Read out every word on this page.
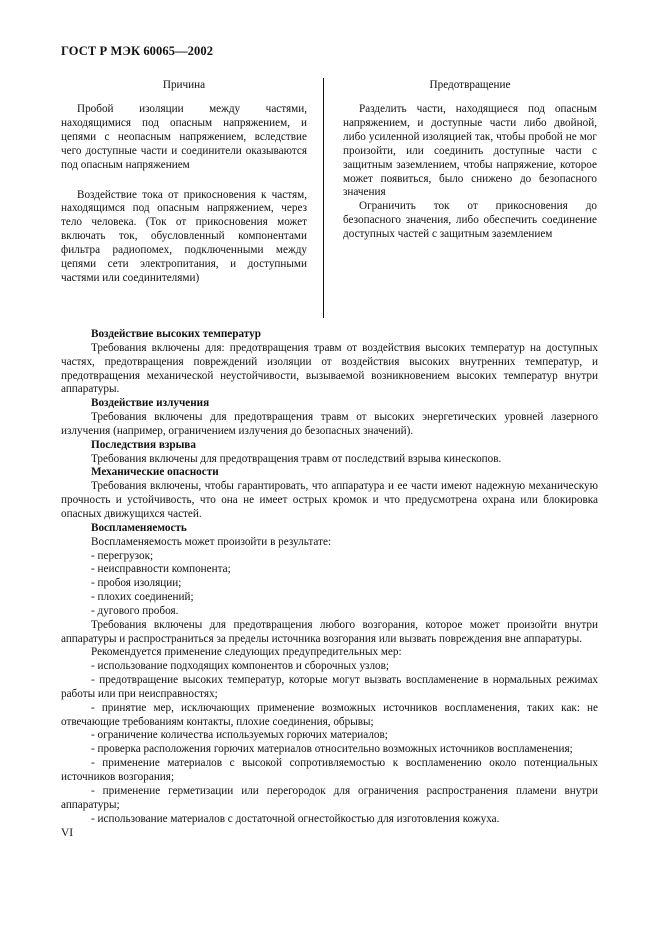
ГОСТ Р МЭК 60065—2002
Причина	Предотвращение

Пробой изоляции между частями, находящимися под опасным напряжением, и цепями с неопасным напряжением, вследствие чего доступные части и соединители оказываются под опасным напряжением

Воздействие тока от прикосновения к частям, находящимся под опасным напряжением, через тело человека. (Ток от прикосновения может включать ток, обусловленный компонентами фильтра радиопомех, подключенными между цепями сети электропитания, и доступными частями или соединителями)

Разделить части, находящиеся под опасным напряжением, и доступные части либо двойной, либо усиленной изоляцией так, чтобы пробой не мог произойти, или соединить доступные части с защитным заземлением, чтобы напряжение, которое может появиться, было снижено до безопасного значения

Ограничить ток от прикосновения до безопасного значения, либо обеспечить соединение доступных частей с защитным заземлением

Воздействие высоких температур

Требования включены для: предотвращения травм от воздействия высоких температур на доступных частях, предотвращения повреждений изоляции от воздействия высоких внутренних температур, и предотвращения механической неустойчивости, вызываемой возникновением высоких температур внутри аппаратуры.

Воздействие излучения

Требования включены для предотвращения травм от высоких энергетических уровней лазерного излучения (например, ограничением излучения до безопасных значений).

Последствия взрыва

Требования включены для предотвращения травм от последствий взрыва кинескопов.

Механические опасности

Требования включены, чтобы гарантировать, что аппаратура и ее части имеют надежную механическую прочность и устойчивость, что она не имеет острых кромок и что предусмотрена охрана или блокировка опасных движущихся частей.

Воспламеняемость

Воспламеняемость может произойти в результате:

- перегрузок;

- неисправности компонента;

- пробоя изоляции;

- плохих соединений;

- дугового пробоя.

Требования включены для предотвращения любого возгорания, которое может произойти внутри аппаратуры и распространиться за пределы источника возгорания или вызвать повреждения вне аппаратуры.

Рекомендуется применение следующих предупредительных мер:

- использование подходящих компонентов и сборочных узлов;

- предотвращение высоких температур, которые могут вызвать воспламенение в нормальных режимах работы или при неисправностях;

- принятие мер, исключающих применение возможных источников воспламенения, таких как: не отвечающие требованиям контакты, плохие соединения, обрывы;

- ограничение количества используемых горючих материалов;

- проверка расположения горючих материалов относительно возможных источников воспламенения;

- применение материалов с высокой сопротивляемостью к воспламенению около потенциальных источников возгорания;

- применение герметизации или перегородок для ограничения распространения пламени внутри аппаратуры;

- использование материалов с достаточной огнестойкостью для изготовления кожуха.

VI
